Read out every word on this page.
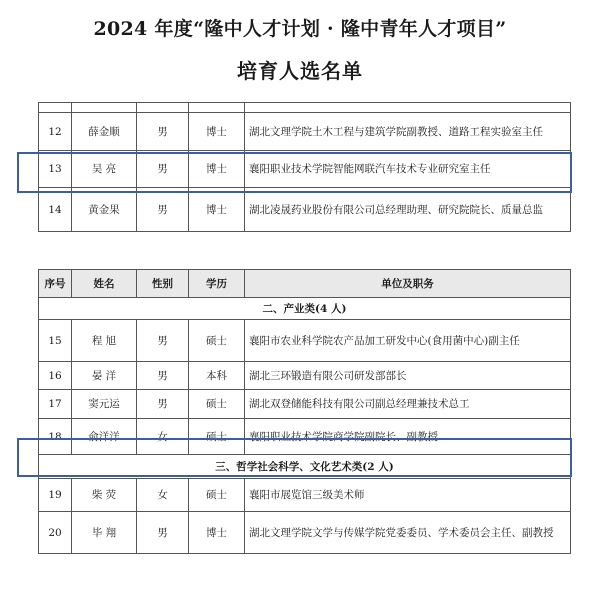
2024 年度“隆中人才计划 · 隆中青年人才项目”
培育人选名单

12	薛金顺	男	博士	湖北文理学院土木工程与建筑学院副教授、道路工程实验室主任
13	吴 亮	男	博士	襄阳职业技术学院智能网联汽车技术专业研究室主任
14	黄金果	男	博士	湖北凌晟药业股份有限公司总经理助理、研究院院长、质量总监
序号	姓名	性别	学历	单位及职务
二、产业类(4 人)				
15	程 旭	男	硕士	襄阳市农业科学院农产品加工研发中心(食用菌中心)副主任
16	晏 洋	男	本科	湖北三环锻造有限公司研发部部长
17	窦元运	男	硕士	湖北双登储能科技有限公司副总经理兼技术总工
18	俞洋洋	女	硕士	襄阳职业技术学院商学院副院长、副教授
三、哲学社会科学、文化艺术类(2 人)				
19	柴 荧	女	硕士	襄阳市展览馆三级美术师
20	毕 翔	男	博士	湖北文理学院文学与传媒学院党委委员、学术委员会主任、副教授
